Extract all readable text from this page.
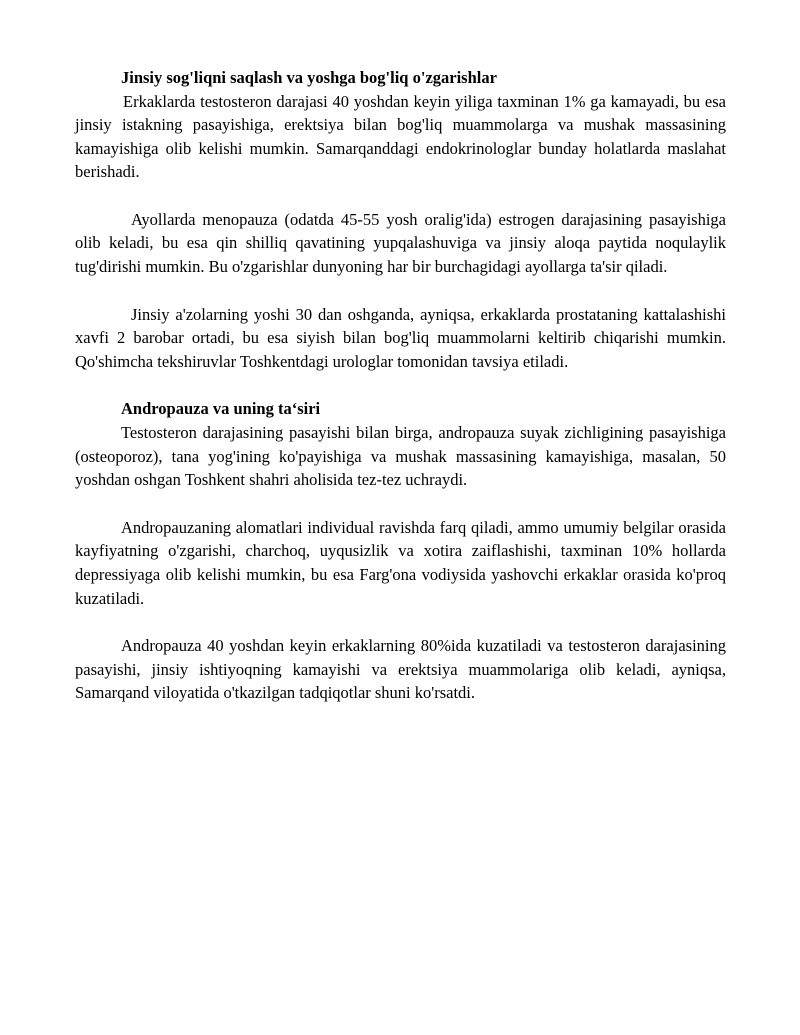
Jinsiy sog'liqni saqlash va yoshga bog'liq o'zgarishlar

Erkaklarda testosteron darajasi 40 yoshdan keyin yiliga taxminan 1% ga kamayadi, bu esa jinsiy istakning pasayishiga, erektsiya bilan bog'liq muammolarga va mushak massasining kamayishiga olib kelishi mumkin. Samarqanddagi endokrinologlar bunday holatlarda maslahat berishadi.

Ayollarda menopauza (odatda 45-55 yosh oralig'ida) estrogen darajasining pasayishiga olib keladi, bu esa qin shilliq qavatining yupqalashuviga va jinsiy aloqa paytida noqulaylik tug'dirishi mumkin. Bu o'zgarishlar dunyoning har bir burchagidagi ayollarga ta'sir qiladi.

Jinsiy a'zolarning yoshi 30 dan oshganda, ayniqsa, erkaklarda prostataning kattalashishi xavfi 2 barobar ortadi, bu esa siyish bilan bog'liq muammolarni keltirib chiqarishi mumkin. Qo'shimcha tekshiruvlar Toshkentdagi urologlar tomonidan tavsiya etiladi.

Andropauza va uning taʻsiri

Testosteron darajasining pasayishi bilan birga, andropauza suyak zichligining pasayishiga (osteoporoz), tana yog'ining ko'payishiga va mushak massasining kamayishiga, masalan, 50 yoshdan oshgan Toshkent shahri aholisida tez-tez uchraydi.

Andropauzaning alomatlari individual ravishda farq qiladi, ammo umumiy belgilar orasida kayfiyatning o'zgarishi, charchoq, uyqusizlik va xotira zaiflashishi, taxminan 10% hollarda depressiyaga olib kelishi mumkin, bu esa Farg'ona vodiysida yashovchi erkaklar orasida ko'proq kuzatiladi.

Andropauza 40 yoshdan keyin erkaklarning 80%ida kuzatiladi va testosteron darajasining pasayishi, jinsiy ishtiyoqning kamayishi va erektsiya muammolariga olib keladi, ayniqsa, Samarqand viloyatida o'tkazilgan tadqiqotlar shuni ko'rsatdi.
